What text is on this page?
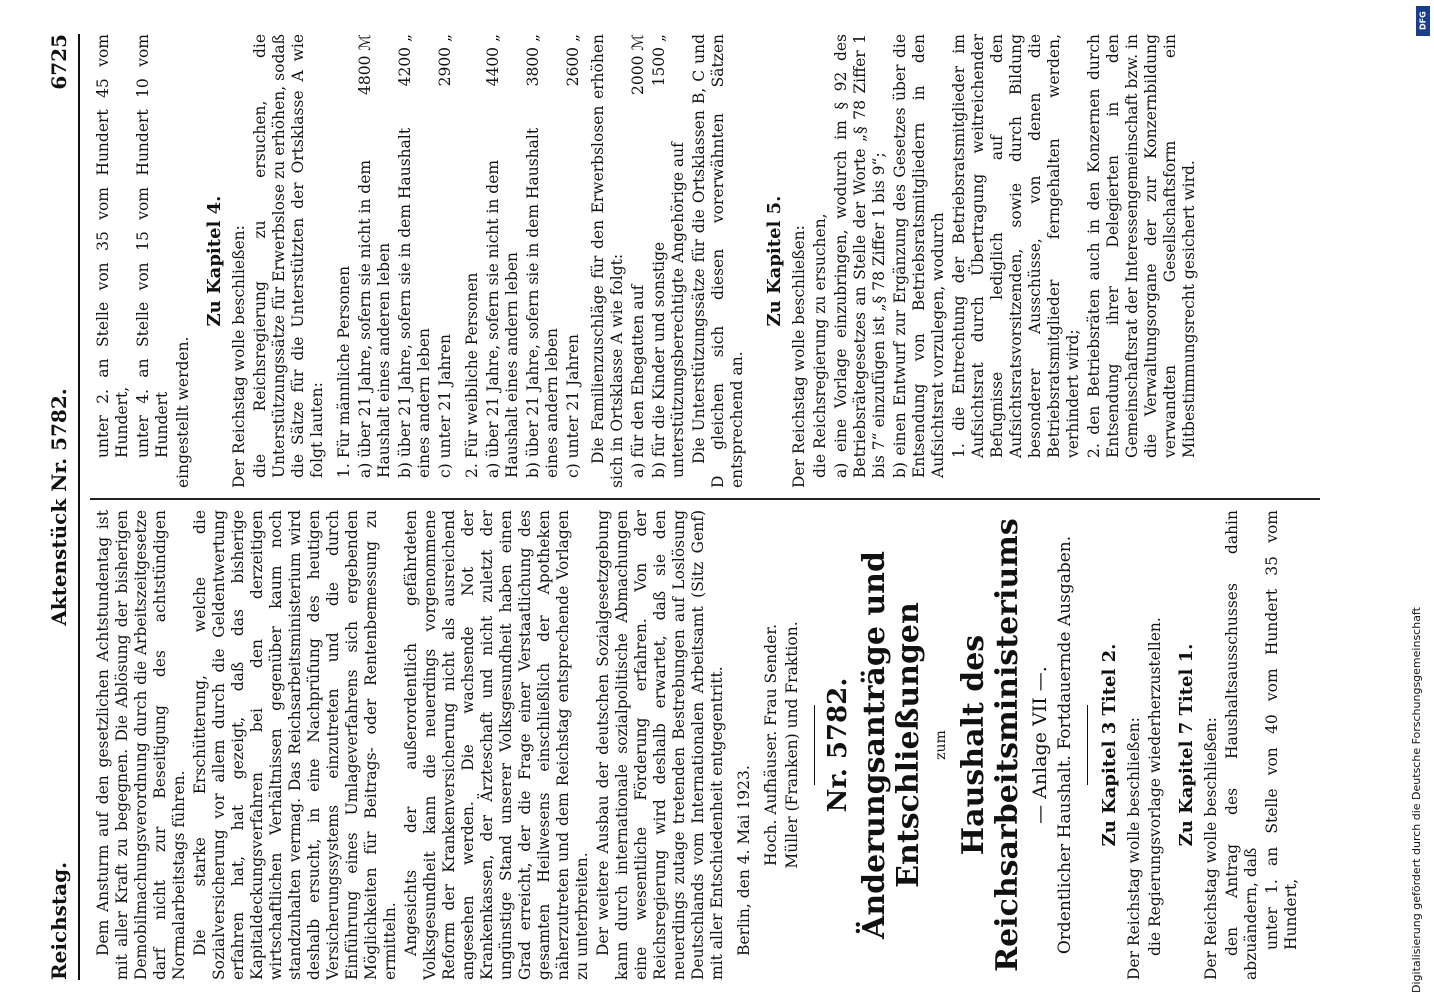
Reichstag.
Aktenstück Nr. 5782.
6725

Dem Ansturm auf den gesetzlichen Achtstundentag ist mit aller Kraft zu begegnen. Die Ablösung der bisherigen Demobilmachungsverordnung durch die Arbeitszeitgesetze darf nicht zur Beseitigung des achtstündigen Normalarbeitstags führen. Die starke Erschütterung, welche die Sozialversicherung vor allem durch die Geldentwertung erfahren hat, hat gezeigt, daß das bisherige Kapitaldeckungsverfahren bei den derzeitigen wirtschaftlichen Verhältnissen gegenüber kaum noch standzuhalten vermag. Das Reichsarbeitsministerium wird deshalb ersucht, in eine Nachprüfung des heutigen Versicherungssystems einzutreten und die durch Einführung eines Umlageverfahrens sich ergebenden Möglichkeiten für Beitrags- oder Rentenbemessung zu ermitteln. Angesichts der außerordentlich gefährdeten Volksgesundheit kann die neuerdings vorgenommene Reform der Krankenversicherung nicht als ausreichend angesehen werden. Die wachsende Not der Krankenkassen, der Ärzteschaft und nicht zuletzt der ungünstige Stand unserer Volksgesundheit haben einen Grad erreicht, der die Frage einer Verstaatlichung des gesamten Heilwesens einschließlich der Apotheken näherzutreten und dem Reichstag entsprechende Vorlagen zu unterbreiten. Der weitere Ausbau der deutschen Sozialgesetzgebung kann durch internationale sozialpolitische Abmachungen eine wesentliche Förderung erfahren. Von der Reichsregierung wird deshalb erwartet, daß sie den neuerdings zutage tretenden Bestrebungen auf Loslösung Deutschlands vom Internationalen Arbeitsamt (Sitz Genf) mit aller Entschiedenheit entgegentritt. Berlin, den 4. Mai 1923. Hoch. Aufhäuser. Frau Sender. Müller (Franken) und Fraktion. Nr. 5782. Änderungsanträge und Entschließungen zum Haushalt des Reichsarbeitsministeriums — Anlage VII —. Ordentlicher Haushalt. Fortdauernde Ausgaben. Zu Kapitel 3 Titel 2. Der Reichstag wolle beschließen: die Regierungsvorlage wiederherzustellen. Zu Kapitel 7 Titel 1. Der Reichstag wolle beschließen: den Antrag des Haushaltsausschusses dahin abzuändern, daß unter 1. an Stelle von 40 vom Hundert 35 vom Hundert,

unter 2. an Stelle von 35 vom Hundert 45 vom Hundert, unter 4. an Stelle von 15 vom Hundert 10 vom Hundert eingestellt werden.

Zu Kapitel 4. Der Reichstag wolle beschließen: die Reichsregierung zu ersuchen, die Unterstützungssätze für Erwerbslose zu erhöhen, sodaß die Sätze für die Unterstützten der Ortsklasse A wie folgt lauten: 1. Für männliche Personen a) über 21 Jahre, sofern sie nicht in dem Haushalt eines anderen leben
4800 ℳ
b) über 21 Jahre, sofern sie in dem Haushalt eines andern leben
4200 „
c) unter 21 Jahren
2900 „

2. Für weibliche Personen a) über 21 Jahre, sofern sie nicht in dem Haushalt eines andern leben
4400 „
b) über 21 Jahre, sofern sie in dem Haushalt eines andern leben
3800 „
c) unter 21 Jahren
2600 „ Die Familienzuschläge für den Erwerbslosen erhöhen sich in Ortsklasse A wie folgt: a) für den Ehegatten auf
2000 ℳ
b) für die Kinder und sonstige unterstützungsberechtigte Angehörige auf
1500 „	Die Unterstützungssätze für die Ortsklassen B, C und D gleichen sich diesen vorerwähnten Sätzen entsprechend an.

Zu Kapitel 5. Der Reichstag wolle beschließen: die Reichsregierung zu ersuchen, a) eine Vorlage einzubringen, wodurch im § 92 des Betriebsrätegesetzes an Stelle der Worte „§ 78 Ziffer 1 bis 7“ einzufügen ist „§ 78 Ziffer 1 bis 9“; b) einen Entwurf zur Ergänzung des Gesetzes über die Entsendung von Betriebsratsmitgliedern in den Aufsichtsrat vorzulegen, wodurch 1. die Entrechtung der Betriebsratsmitglieder im Aufsichtsrat durch Übertragung weitreichender Befugnisse lediglich auf den Aufsichtsratsvorsitzenden, sowie durch Bildung besonderer Ausschüsse, von denen die Betriebsratsmitglieder ferngehalten werden, verhindert wird; 2. den Betriebsräten auch in den Konzernen durch Entsendung ihrer Delegierten in den Gemeinschaftsrat der Interessengemeinschaft bzw. in die Verwaltungsorgane der zur Konzernbildung verwandten Gesellschaftsform ein Mitbestimmungsrecht gesichert wird.

Digitalisierung gefördert durch die Deutsche Forschungsgemeinschaft
DFG
